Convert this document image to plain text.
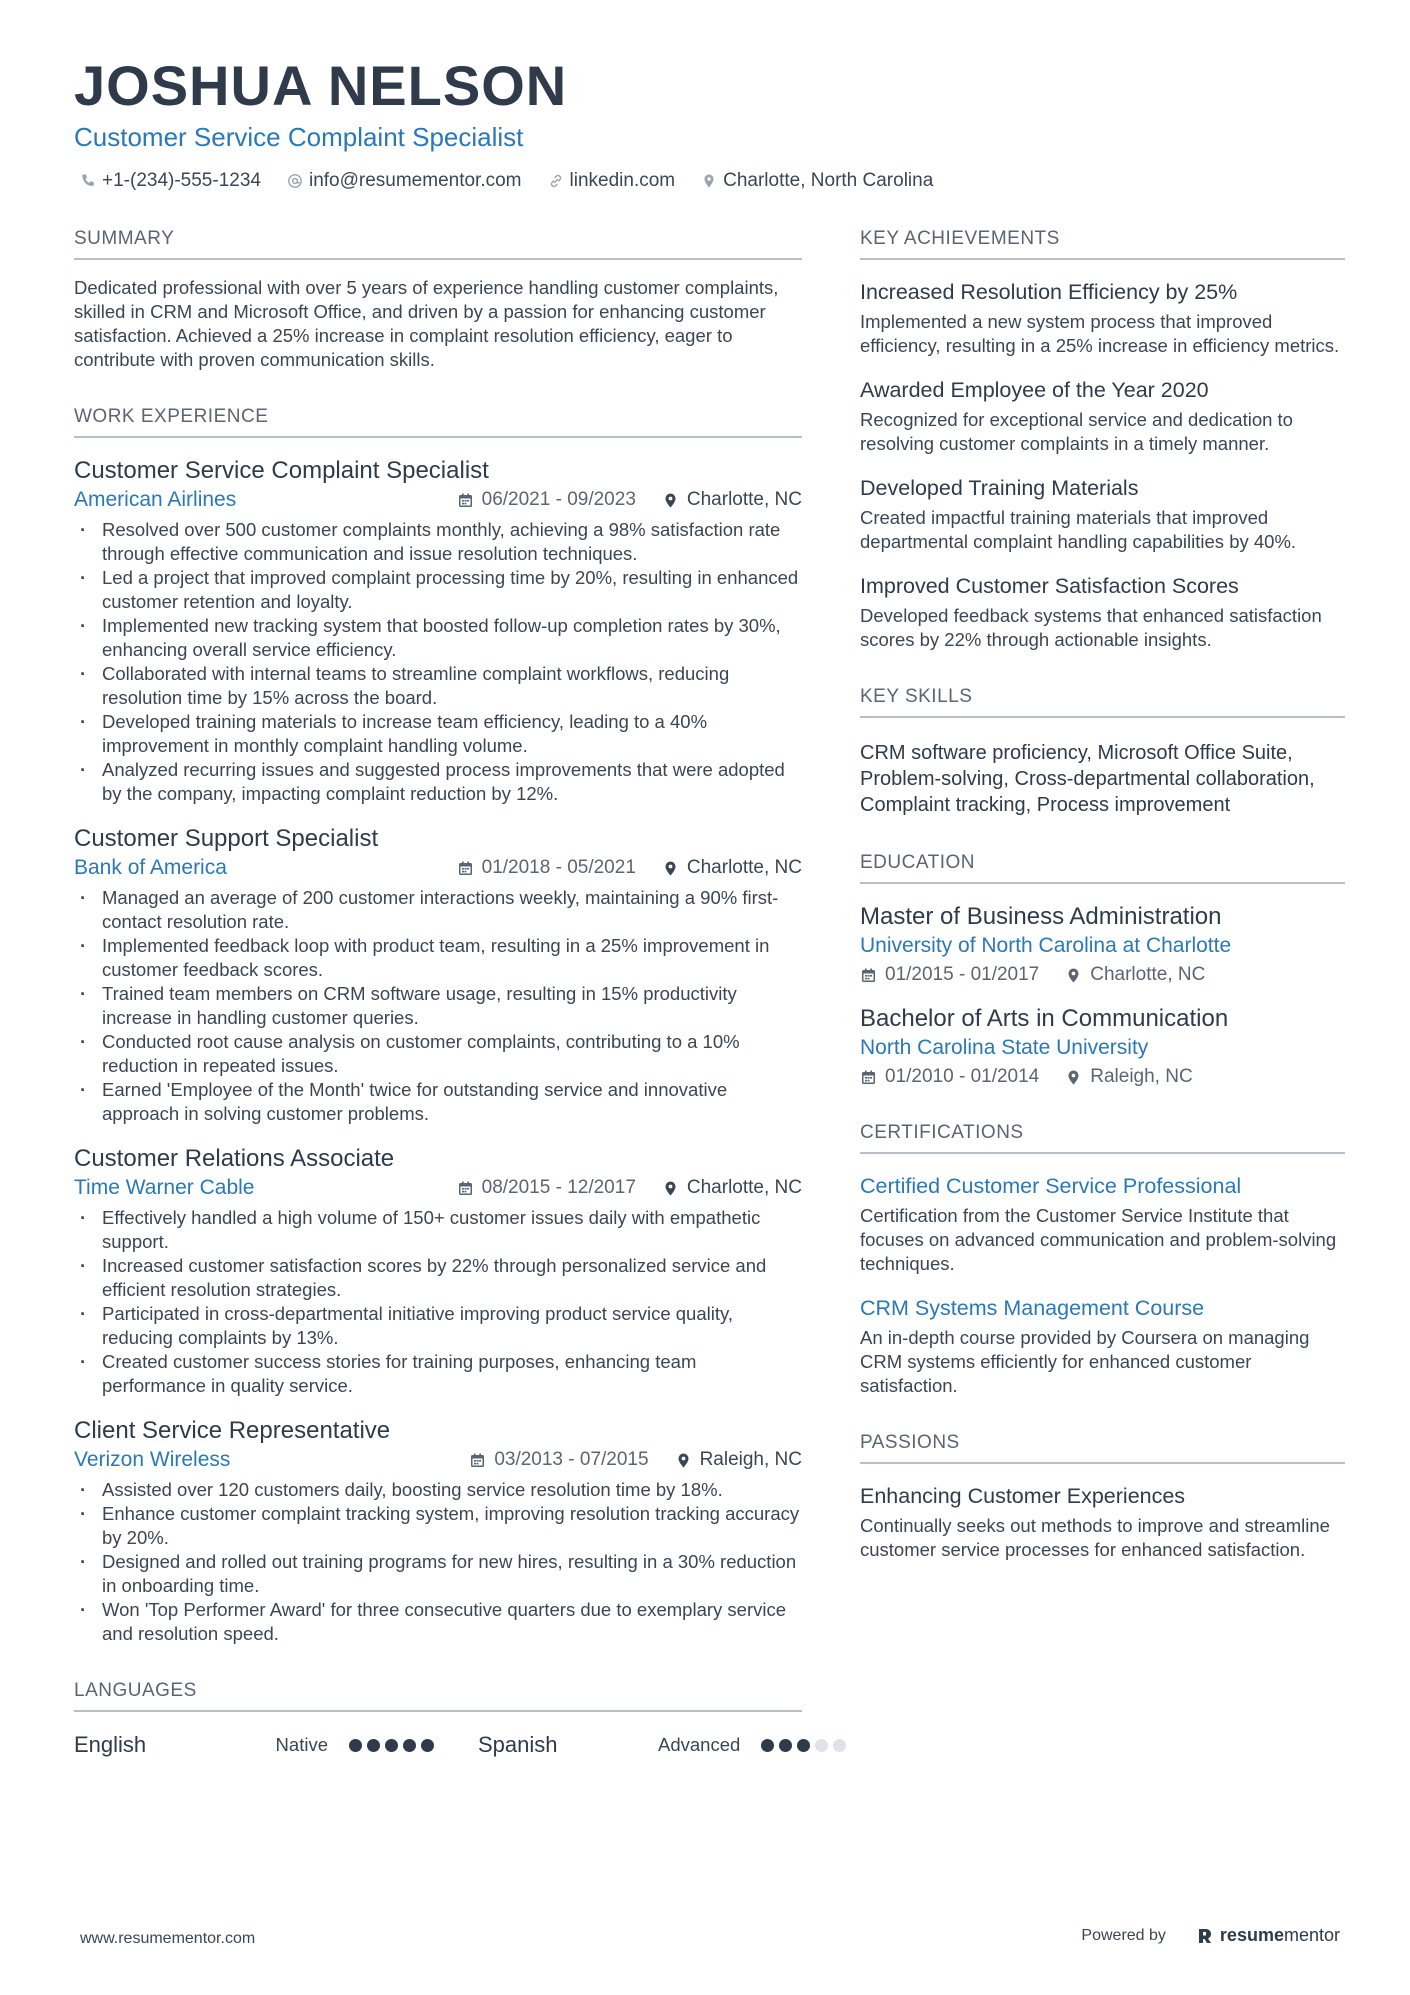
JOSHUA NELSON
Customer Service Complaint Specialist
+1-(234)-555-1234	info@resumementor.com	linkedin.com	Charlotte, North Carolina
SUMMARY
Dedicated professional with over 5 years of experience handling customer complaints, skilled in CRM and Microsoft Office, and driven by a passion for enhancing customer satisfaction. Achieved a 25% increase in complaint resolution efficiency, eager to contribute with proven communication skills.
WORK EXPERIENCE
Customer Service Complaint Specialist
American Airlines	06/2021 - 09/2023	Charlotte, NC
· Resolved over 500 customer complaints monthly, achieving a 98% satisfaction rate through effective communication and issue resolution techniques.
· Led a project that improved complaint processing time by 20%, resulting in enhanced customer retention and loyalty.
· Implemented new tracking system that boosted follow-up completion rates by 30%, enhancing overall service efficiency.
· Collaborated with internal teams to streamline complaint workflows, reducing resolution time by 15% across the board.
· Developed training materials to increase team efficiency, leading to a 40% improvement in monthly complaint handling volume.
· Analyzed recurring issues and suggested process improvements that were adopted by the company, impacting complaint reduction by 12%.
Customer Support Specialist
Bank of America	01/2018 - 05/2021	Charlotte, NC
· Managed an average of 200 customer interactions weekly, maintaining a 90% first-contact resolution rate.
· Implemented feedback loop with product team, resulting in a 25% improvement in customer feedback scores.
· Trained team members on CRM software usage, resulting in 15% productivity increase in handling customer queries.
· Conducted root cause analysis on customer complaints, contributing to a 10% reduction in repeated issues.
· Earned 'Employee of the Month' twice for outstanding service and innovative approach in solving customer problems.
Customer Relations Associate
Time Warner Cable	08/2015 - 12/2017	Charlotte, NC
· Effectively handled a high volume of 150+ customer issues daily with empathetic support.
· Increased customer satisfaction scores by 22% through personalized service and efficient resolution strategies.
· Participated in cross-departmental initiative improving product service quality, reducing complaints by 13%.
· Created customer success stories for training purposes, enhancing team performance in quality service.
Client Service Representative
Verizon Wireless	03/2013 - 07/2015	Raleigh, NC
· Assisted over 120 customers daily, boosting service resolution time by 18%.
· Enhance customer complaint tracking system, improving resolution tracking accuracy by 20%.
· Designed and rolled out training programs for new hires, resulting in a 30% reduction in onboarding time.
· Won 'Top Performer Award' for three consecutive quarters due to exemplary service and resolution speed.
LANGUAGES
English	Native	Spanish	Advanced
KEY ACHIEVEMENTS
Increased Resolution Efficiency by 25%
Implemented a new system process that improved efficiency, resulting in a 25% increase in efficiency metrics.
Awarded Employee of the Year 2020
Recognized for exceptional service and dedication to resolving customer complaints in a timely manner.
Developed Training Materials
Created impactful training materials that improved departmental complaint handling capabilities by 40%.
Improved Customer Satisfaction Scores
Developed feedback systems that enhanced satisfaction scores by 22% through actionable insights.
KEY SKILLS
CRM software proficiency, Microsoft Office Suite, Problem-solving, Cross-departmental collaboration, Complaint tracking, Process improvement
EDUCATION
Master of Business Administration
University of North Carolina at Charlotte
01/2015 - 01/2017	Charlotte, NC
Bachelor of Arts in Communication
North Carolina State University
01/2010 - 01/2014	Raleigh, NC
CERTIFICATIONS
Certified Customer Service Professional
Certification from the Customer Service Institute that focuses on advanced communication and problem-solving techniques.
CRM Systems Management Course
An in-depth course provided by Coursera on managing CRM systems efficiently for enhanced customer satisfaction.
PASSIONS
Enhancing Customer Experiences
Continually seeks out methods to improve and streamline customer service processes for enhanced satisfaction.
www.resumementor.com	Powered by	resume mentor
